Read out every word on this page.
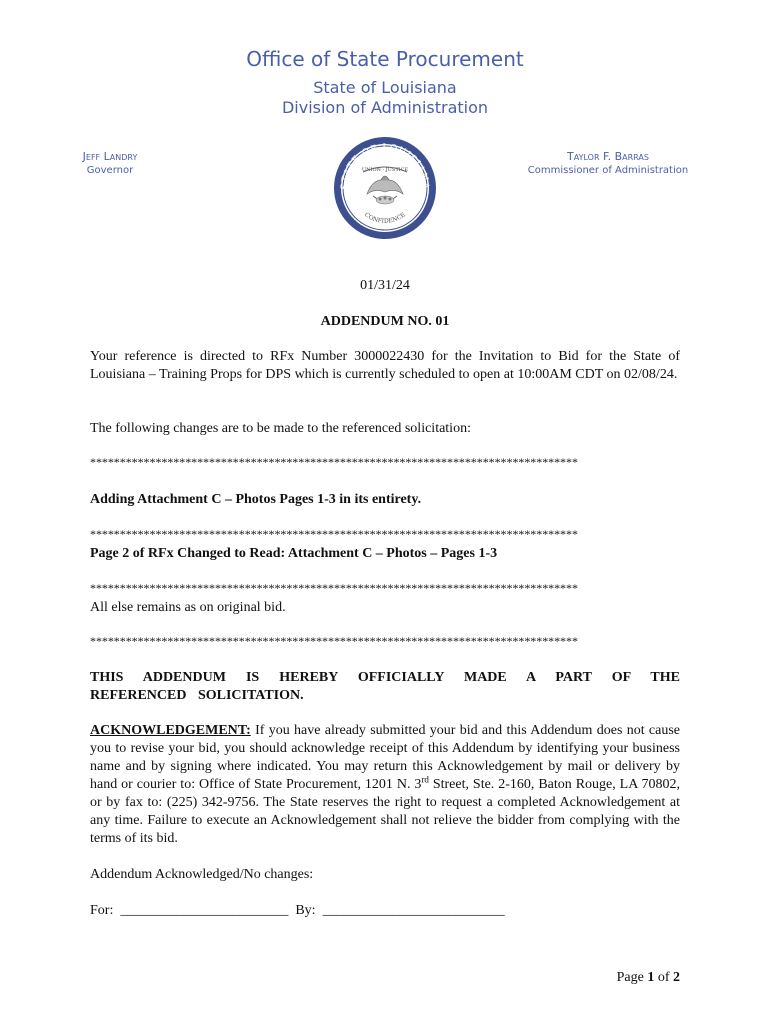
Office of State Procurement
State of Louisiana
Division of Administration
Jeff Landry
Governor
Taylor F. Barras
Commissioner of Administration
STATE OF LOUISIANA
UNION · JUSTICE
CONFIDENCE
01/31/24
ADDENDUM NO. 01
Your reference is directed to RFx Number 3000022430 for the Invitation to Bid for the State of Louisiana – Training Props for DPS which is currently scheduled to open at 10:00AM CDT on 02/08/24.
The following changes are to be made to the referenced solicitation:
**********************************************************************************
Adding Attachment C – Photos Pages 1-3 in its entirety.
**********************************************************************************
Page 2 of RFx Changed to Read: Attachment C – Photos – Pages 1-3
**********************************************************************************
All else remains as on original bid.
**********************************************************************************
THIS ADDENDUM IS HEREBY OFFICIALLY MADE A PART OF THE REFERENCED SOLICITATION.
ACKNOWLEDGEMENT: If you have already submitted your bid and this Addendum does not cause you to revise your bid, you should acknowledge receipt of this Addendum by identifying your business name and by signing where indicated. You may return this Acknowledgement by mail or delivery by hand or courier to: Office of State Procurement, 1201 N. 3rd Street, Ste. 2-160, Baton Rouge, LA 70802, or by fax to: (225) 342-9756. The State reserves the right to request a completed Acknowledgement at any time. Failure to execute an Acknowledgement shall not relieve the bidder from complying with the terms of its bid.
Addendum Acknowledged/No changes:
For:  ________________________  By:  __________________________
Page 1 of 2
